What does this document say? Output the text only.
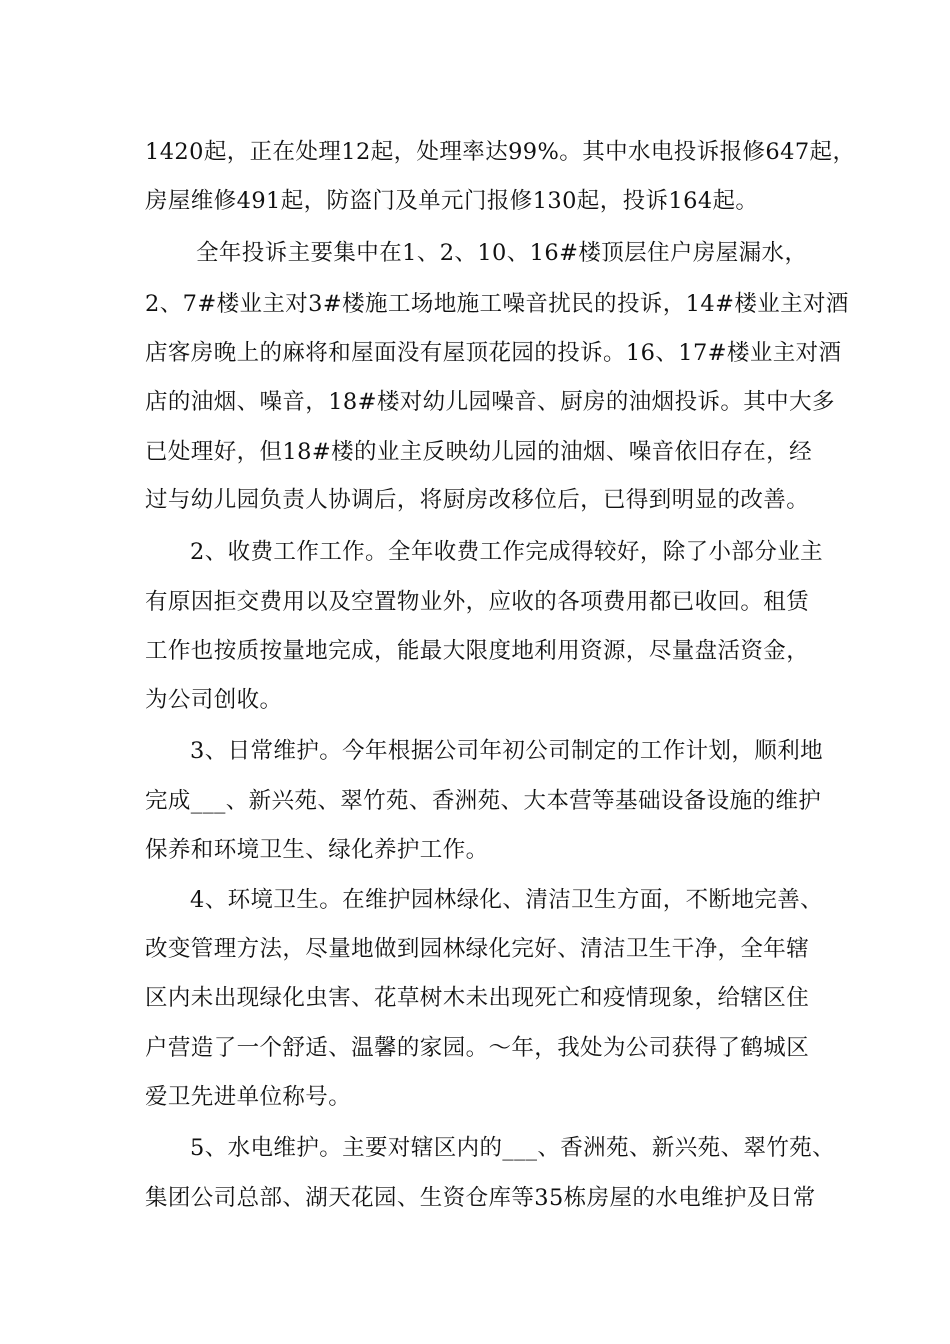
1420起，正在处理12起，处理率达99%。其中水电投诉报修647起，
房屋维修491起，防盗门及单元门报修130起，投诉164起。
全年投诉主要集中在1、2、10、16#楼顶层住户房屋漏水，
2、7#楼业主对3#楼施工场地施工噪音扰民的投诉，14#楼业主对酒
店客房晚上的麻将和屋面没有屋顶花园的投诉。16、17#楼业主对酒
店的油烟、噪音，18#楼对幼儿园噪音、厨房的油烟投诉。其中大多
已处理好，但18#楼的业主反映幼儿园的油烟、噪音依旧存在，经
过与幼儿园负责人协调后，将厨房改移位后，已得到明显的改善。
2、收费工作工作。全年收费工作完成得较好，除了小部分业主
有原因拒交费用以及空置物业外，应收的各项费用都已收回。租赁
工作也按质按量地完成，能最大限度地利用资源，尽量盘活资金，
为公司创收。
3、日常维护。今年根据公司年初公司制定的工作计划，顺利地
完成___、新兴苑、翠竹苑、香洲苑、大本营等基础设备设施的维护
保养和环境卫生、绿化养护工作。
4、环境卫生。在维护园林绿化、清洁卫生方面，不断地完善、
改变管理方法，尽量地做到园林绿化完好、清洁卫生干净，全年辖
区内未出现绿化虫害、花草树木未出现死亡和疫情现象，给辖区住
户营造了一个舒适、温馨的家园。～年，我处为公司获得了鹤城区
爱卫先进单位称号。
5、水电维护。主要对辖区内的___、香洲苑、新兴苑、翠竹苑、
集团公司总部、湖天花园、生资仓库等35栋房屋的水电维护及日常
